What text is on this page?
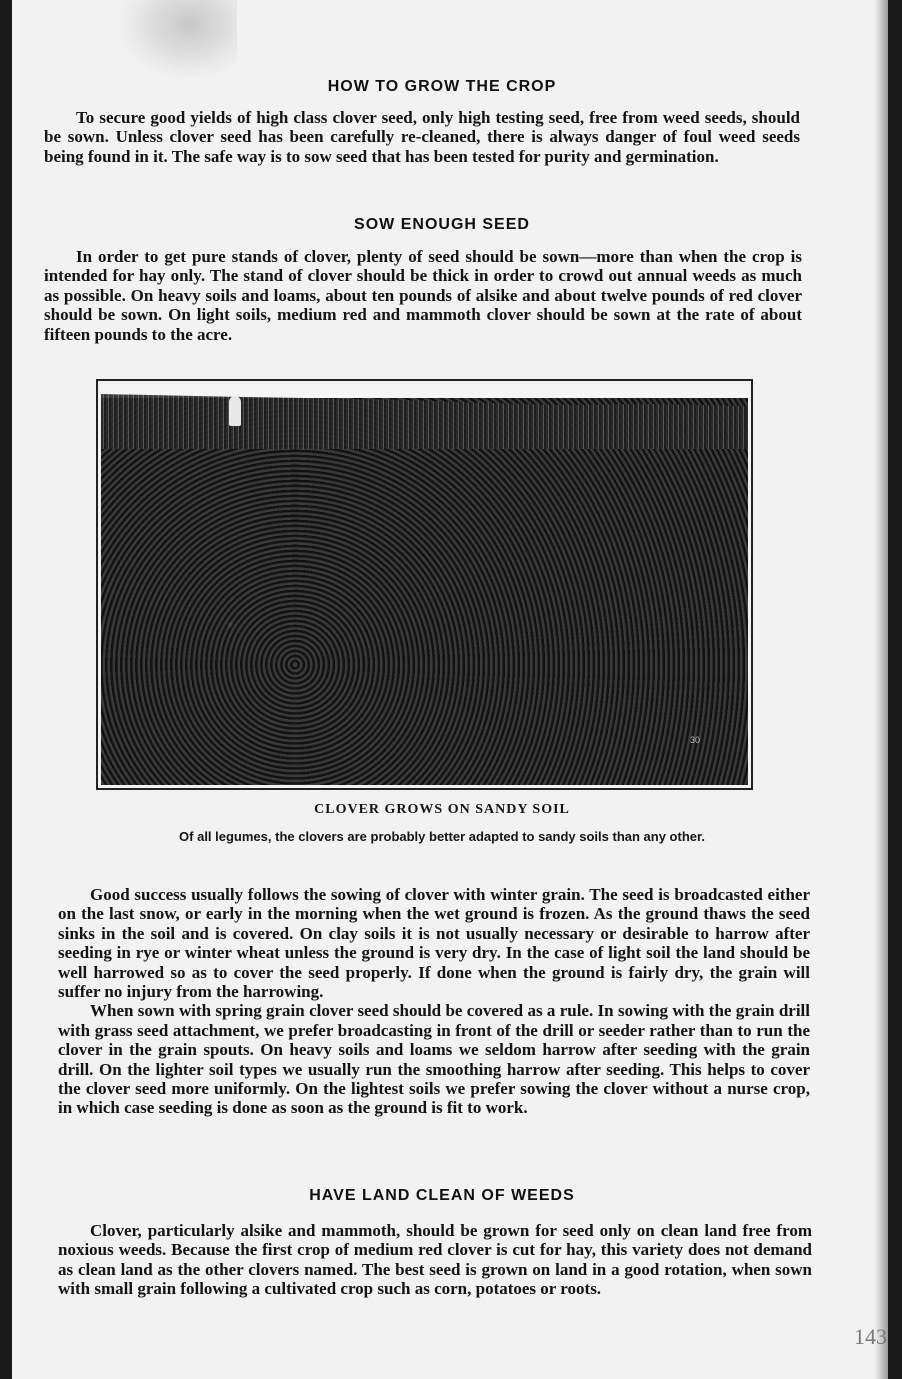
HOW TO GROW THE CROP

To secure good yields of high class clover seed, only high testing seed, free from weed seeds, should be sown. Unless clover seed has been carefully re-cleaned, there is always danger of foul weed seeds being found in it. The safe way is to sow seed that has been tested for purity and germination.

SOW ENOUGH SEED

In order to get pure stands of clover, plenty of seed should be sown—more than when the crop is intended for hay only. The stand of clover should be thick in order to crowd out annual weeds as much as possible. On heavy soils and loams, about ten pounds of alsike and about twelve pounds of red clover should be sown. On light soils, medium red and mammoth clover should be sown at the rate of about fifteen pounds to the acre.

30
CLOVER GROWS ON SANDY SOIL
Of all legumes, the clovers are probably better adapted to sandy soils than any other.

Good success usually follows the sowing of clover with winter grain. The seed is broadcasted either on the last snow, or early in the morning when the wet ground is frozen. As the ground thaws the seed sinks in the soil and is covered. On clay soils it is not usually necessary or desirable to harrow after seeding in rye or winter wheat unless the ground is very dry. In the case of light soil the land should be well harrowed so as to cover the seed properly. If done when the ground is fairly dry, the grain will suffer no injury from the harrowing.

When sown with spring grain clover seed should be covered as a rule. In sowing with the grain drill with grass seed attachment, we prefer broadcasting in front of the drill or seeder rather than to run the clover in the grain spouts. On heavy soils and loams we seldom harrow after seeding with the grain drill. On the lighter soil types we usually run the smoothing harrow after seeding. This helps to cover the clover seed more uniformly. On the lightest soils we prefer sowing the clover without a nurse crop, in which case seeding is done as soon as the ground is fit to work.

HAVE LAND CLEAN OF WEEDS

Clover, particularly alsike and mammoth, should be grown for seed only on clean land free from noxious weeds. Because the first crop of medium red clover is cut for hay, this variety does not demand as clean land as the other clovers named. The best seed is grown on land in a good rotation, when sown with small grain following a cultivated crop such as corn, potatoes or roots.

143
